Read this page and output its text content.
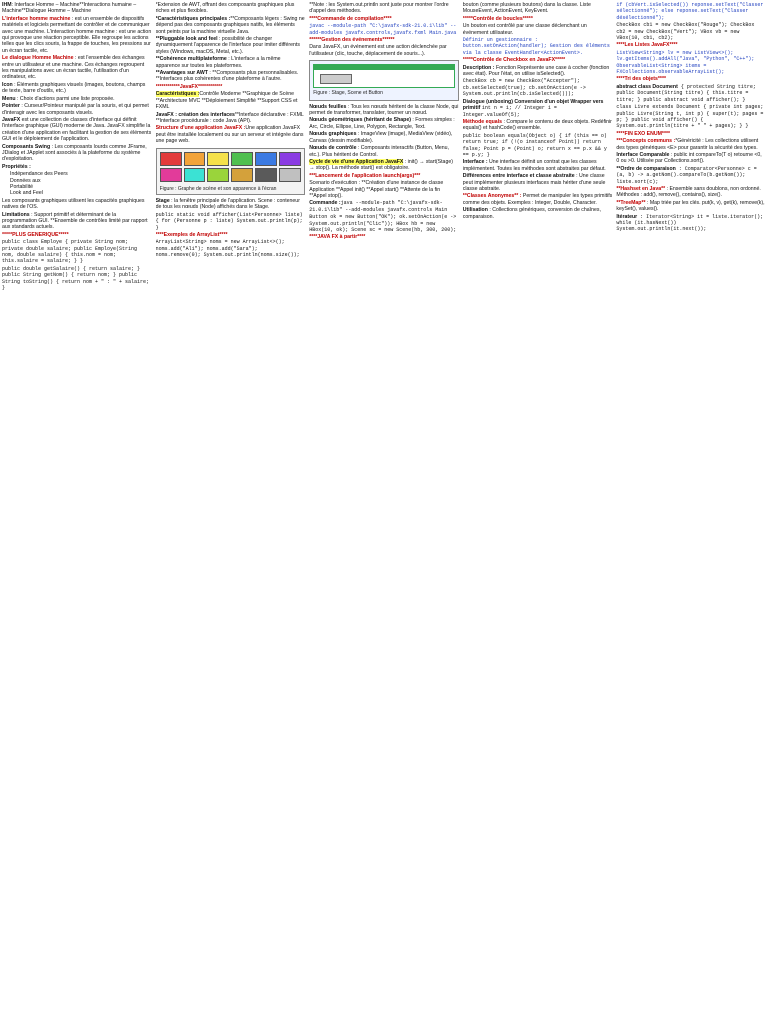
IHM: Interface Homme – Machine**Interactions humaine – Machine**Dialogue Homme – Machine

L'interface homme machine : est un ensemble de dispositifs matériels et logiciels permettant de contrôler et de communiquer avec une machine. L'interaction homme machine : est une action qui provoque une réaction perceptible. Elle regroupe les actions telles que les clics souris, la frappe de touches, les pressions sur un écran tactile, etc.

Le dialogue Homme Machine : est l'ensemble des échanges entre un utilisateur et une machine. Ces échanges regroupent les manipulations avec un écran tactile, l'utilisation d'un ordinateur, etc.

Icon : Éléments graphiques visuels (images, boutons, champs de texte, barre d'outils, etc.)

Menu : Choix d'actions parmi une liste proposée.

Pointer : Curseur/Pointeur manipulé par la souris, et qui permet d'interagir avec les composants visuels.

JavaFX est une collection de classes d'interface qui définit l'interface graphique (GUI) moderne de Java. JavaFX simplifie la création d'une application en facilitant la gestion de ses éléments GUI et le déploiement de l'application.

Composants Swing : Les composants lourds comme JFrame, JDialog et JApplet sont associés à la plateforme du système d'exploitation.

Propriétés :

• Indépendance des Peers
• Données aux
• Portabilité
• Look and Feel

Les composants graphiques utilisent les capacités graphiques natives de l'OS.

Limitations : Support primitif et déterminant de la programmation GUI. **Ensemble de contrôles limité par rapport aux standards actuels.

*****PLUS GENERIQUE*****

public class Employe { private String nom; private double salaire; public Employe(String nom, double salaire) { this.nom = nom; this.salaire = salaire; } }

public double getSalaire() { return salaire; } public String getNom() { return nom; } public String toString() { return nom + " : " + salaire; }

*Extension de AWT, offrant des composants graphiques plus riches et plus flexibles.

*Caractéristiques principales :**Composants légers : Swing ne dépend pas des composants graphiques natifs, les éléments sont peints par la machine virtuelle Java.

**Pluggable look and feel : possibilité de changer dynamiquement l'apparence de l'interface pour imiter différents styles (Windows, macOS, Metal, etc.).

**Cohérence multiplateforme : L'interface a la même apparence sur toutes les plateformes.

**Avantages sur AWT : **Composants plus personnalisables. **Interfaces plus cohérentes d'une plateforme à l'autre.

************JavaFX************

Caractéristiques :Contrôle Moderne **Graphique de Scène **Architecture MVC **Déploiement Simplifié **Support CSS et FXML

JavaFX : création des interfaces**Interface déclarative : FXML **Interface procédurale : code Java (API).

Structure d'une application JavaFX :Une application JavaFX peut être installée localement ou sur un serveur et intégrée dans une page web.

Figure : Graphe de scène et son apparence à l'écran

Stage : la fenêtre principale de l'application. Scene : conteneur de tous les nœuds (Node) affichés dans le Stage.

public static void afficher(List<Personne> liste) { for (Personne p : liste) System.out.println(p); }

****Exemples de ArrayList****

ArrayList<String> noms = new ArrayList<>(); noms.add("Ali"); noms.add("Sara"); noms.remove(0); System.out.println(noms.size());

**Note : les System.out.println sont juste pour montrer l'ordre d'appel des méthodes.

****Commande de compilation****

javac --module-path "C:\javafx-sdk-21.0.1\lib" --add-modules javafx.controls,javafx.fxml Main.java

******Gestion des événements******

Dans JavaFX, un événement est une action déclenchée par l'utilisateur (clic, touche, déplacement de souris...).

Figure : Stage, Scene et Button

Nœuds feuilles : Tous les nœuds héritent de la classe Node, qui permet de transformer, translater, tourner un nœud.

Nœuds géométriques (héritant de Shape) : Formes simples : Arc, Circle, Ellipse, Line, Polygon, Rectangle, Text.

Nœuds graphiques : ImageView (image), MediaView (vidéo), Canvas (dessin modifiable).

Nœuds de contrôle : Composants interactifs (Button, Menu, etc.). Plus héritent de Control.

Cycle de vie d'une Application JavaFX : init() → start(Stage) → stop(). La méthode start() est obligatoire.

***Lancement de l'application launch(args)***

Scenario d'exécution : **Création d'une instance de classe Application **Appel init() **Appel start() **Attente de la fin **Appel stop().

Commande :java --module-path "C:\javafx-sdk-21.0.1\lib" --add-modules javafx.controls Main

Button ok = new Button("OK"); ok.setOnAction(e -> System.out.println("Clic")); HBox hb = new HBox(10, ok); Scene sc = new Scene(hb, 300, 200);

****JAVA FX à partir****

bouton (comme plusieurs boutons) dans la classe. Liste MouseEvent, ActionEvent, KeyEvent.

*****Contrôle de boucles*****

Un bouton est contrôlé par une classe déclenchant un événement utilisateur.

Définir un gestionnaire : button.setOnAction(handler); Gestion des éléments via la classe EventHandler<ActionEvent>.

*****Contrôle de Checkbox en JavaFX*****

Description : Fonction Représente une case à cocher (fonction avec état). Pour l'état, on utilise isSelected().

CheckBox cb = new CheckBox("Accepter"); cb.setSelected(true); cb.setOnAction(e -> System.out.println(cb.isSelected()));

Dialogue (unboxing) Conversion d'un objet Wrapper vers primitif int n = i; // Integer i = Integer.valueOf(5);

Méthode equals : Compare le contenu de deux objets. Redéfinir equals() et hashCode() ensemble.

public boolean equals(Object o) { if (this == o) return true; if (!(o instanceof Point)) return false; Point p = (Point) o; return x == p.x && y == p.y; }

Interface : Une interface définit un contrat que les classes implémentent. Toutes les méthodes sont abstraites par défaut.

Différences entre interface et classe abstraite : Une classe peut implémenter plusieurs interfaces mais hériter d'une seule classe abstraite.

**Classes Anonymes** : Permet de manipuler les types primitifs comme des objets. Exemples : Integer, Double, Character.

Utilisation : Collections génériques, conversion de chaînes, comparaison.

if (cbVert.isSelected()) reponse.setText("Classer sélectionné"); else reponse.setText("Classer désélectionné");

CheckBox cb1 = new CheckBox("Rouge"); CheckBox cb2 = new CheckBox("Vert"); VBox vb = new VBox(10, cb1, cb2);

****Les Listes JavaFX****

ListView<String> lv = new ListView<>(); lv.getItems().addAll("Java", "Python", "C++"); ObservableList<String> items = FXCollections.observableArrayList();

****Tri des objets****

abstract class Document { protected String titre; public Document(String titre) { this.titre = titre; } public abstract void afficher(); }

class Livre extends Document { private int pages; public Livre(String t, int p) { super(t); pages = p; } public void afficher() { System.out.println(titre + " " + pages); } }

****FIN EXO ENUM****

***Concepts communs :*Généricité : Les collections utilisent des types génériques <E> pour garantir la sécurité des types.

Interface Comparable : public int compareTo(T o) retourne <0, 0 ou >0. Utilisée par Collections.sort().

**Ordre de comparaison : Comparator<Personne> c = (a, b) -> a.getNom().compareTo(b.getNom()); liste.sort(c);

**Hashset en Java** : Ensemble sans doublons, non ordonné. Méthodes : add(), remove(), contains(), size().

**TreeMap** : Map triée par les clés. put(k, v), get(k), remove(k), keySet(), values().

Itérateur : Iterator<String> it = liste.iterator(); while (it.hasNext()) System.out.println(it.next());
